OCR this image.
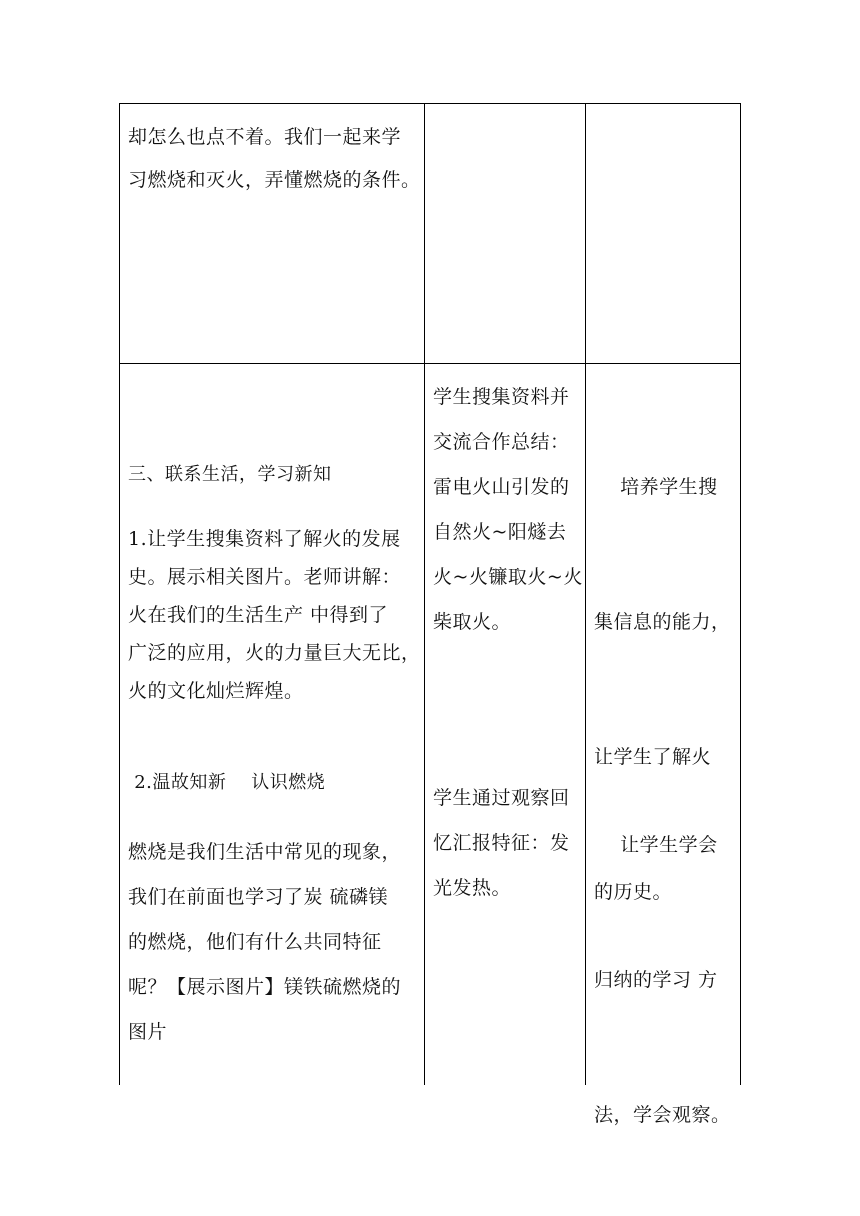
却怎么也点不着。我们一起来学

习燃烧和灭火，弄懂燃烧的条件。

三、联系生活，学习新知

1.让学生搜集资料了解火的发展

史。展示相关图片。老师讲解：

火在我们的生活生产 中得到了

广泛的应用，火的力量巨大无比，

火的文化灿烂辉煌。

2.温故知新    认识燃烧

燃烧是我们生活中常见的现象，

我们在前面也学习了炭 硫磷镁

的燃烧，他们有什么共同特征

呢？【展示图片】镁铁硫燃烧的

图片

学生搜集资料并

交流合作总结：

雷电火山引发的

自然火~阳燧去

火~火镰取火~火

柴取火。

学生通过观察回

忆汇报特征：发

光发热。

培养学生搜

集信息的能力，

让学生了解火

的历史。

让学生学会

归纳的学习 方

法，学会观察。
